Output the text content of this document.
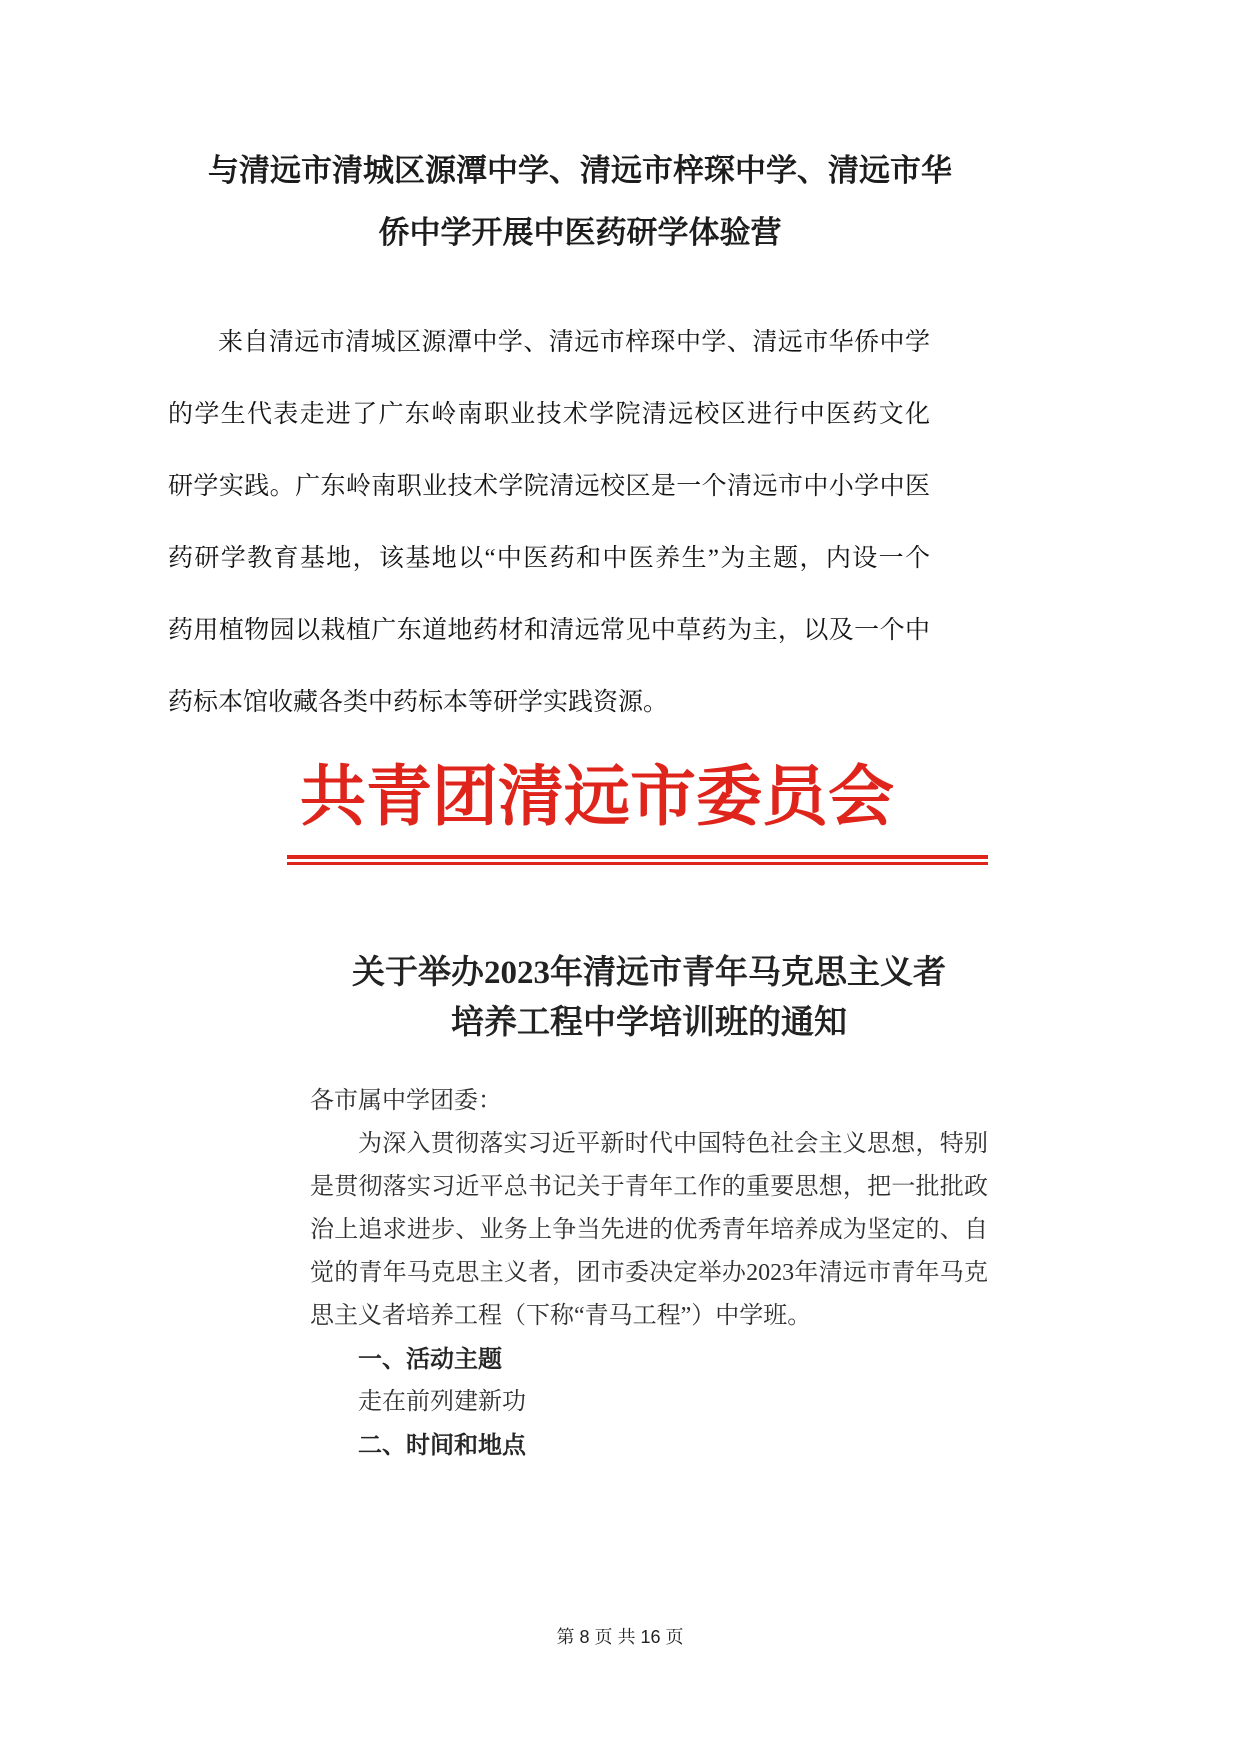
与清远市清城区源潭中学、清远市梓琛中学、清远市华
侨中学开展中医药研学体验营
来自清远市清城区源潭中学、清远市梓琛中学、清远市华侨中学
的学生代表走进了广东岭南职业技术学院清远校区进行中医药文化
研学实践。广东岭南职业技术学院清远校区是一个清远市中小学中医
药研学教育基地，该基地以“中医药和中医养生”为主题，内设一个
药用植物园以栽植广东道地药材和清远常见中草药为主，以及一个中
药标本馆收藏各类中药标本等研学实践资源。
共青团清远市委员会
关于举办2023年清远市青年马克思主义者
培养工程中学培训班的通知
各市属中学团委：
为深入贯彻落实习近平新时代中国特色社会主义思想，特别
是贯彻落实习近平总书记关于青年工作的重要思想，把一批批政
治上追求进步、业务上争当先进的优秀青年培养成为坚定的、自
觉的青年马克思主义者，团市委决定举办2023年清远市青年马克
思主义者培养工程（下称“青马工程”）中学班。
一、活动主题
走在前列建新功
二、时间和地点
第 8 页 共 16 页
